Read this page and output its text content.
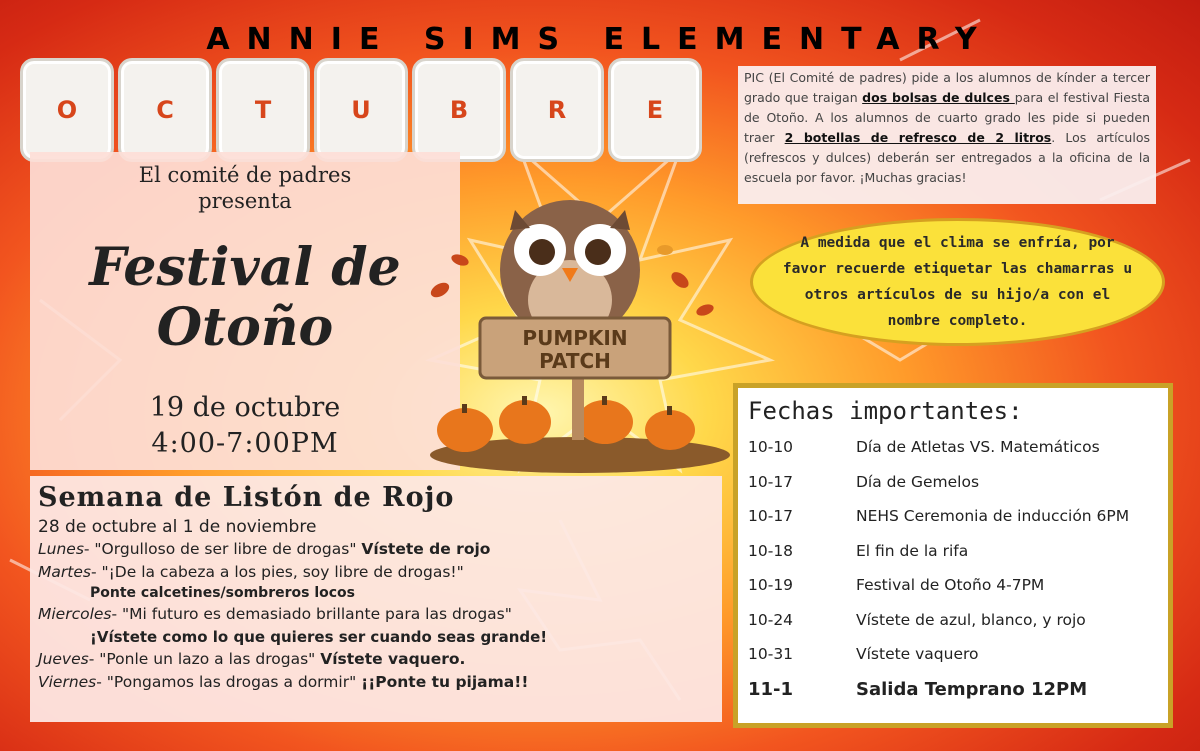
ANNIE SIMS ELEMENTARY
O	C	T	U	B	R	E
PIC (El Comité de padres) pide a los alumnos de kínder a tercer grado que traigan dos bolsas de dulces para el festival Fiesta de Otoño. A los alumnos de cuarto grado les pide si pueden traer 2 botellas de refresco de 2 litros. Los artículos (refrescos y dulces) deberán ser entregados a la oficina de la escuela por favor. ¡Muchas gracias!
El comité de padres
presenta
Festival de
Otoño
19 de octubre
4:00-7:00PM
PUMPKIN
PATCH
A medida que el clima se enfría, por favor recuerde etiquetar las chamarras u otros artículos de su hijo/a con el nombre completo.
Semana de Listón de Rojo
28 de octubre al 1 de noviembre
Lunes- "Orgulloso de ser libre de drogas" Vístete de rojo
Martes- "¡De la cabeza a los pies, soy libre de drogas!"
Ponte calcetines/sombreros locos
Miercoles- "Mi futuro es demasiado brillante para las drogas"
¡Vístete como lo que quieres ser cuando seas grande!
Jueves- "Ponle un lazo a las drogas" Vístete vaquero.
Viernes- "Pongamos las drogas a dormir" ¡¡Ponte tu pijama!!
Fechas importantes:
10-10	Día de Atletas VS. Matemáticos
10-17	Día de Gemelos
10-17	NEHS Ceremonia de inducción 6PM
10-18	El fin de la rifa
10-19	Festival de Otoño 4-7PM
10-24	Vístete de azul, blanco, y rojo
10-31	Vístete vaquero
11-1	Salida Temprano 12PM
